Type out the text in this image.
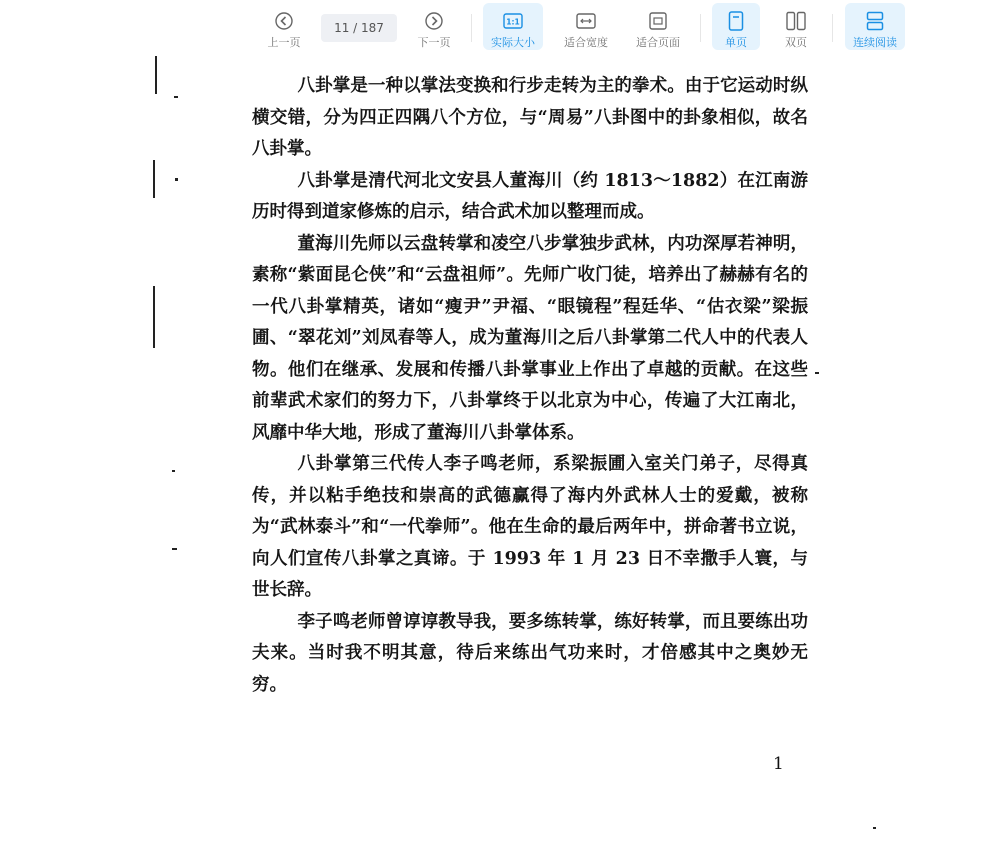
上一页
11 / 187
下一页
1:1
实际大小	适合宽度	适合页面	单页	双页	连续阅读

八卦掌是一种以掌法变换和行步走转为主的拳术。由于它运动时纵横交错，分为四正四隅八个方位，与“周易”八卦图中的卦象相似，故名八卦掌。

八卦掌是清代河北文安县人董海川（约 1813～1882）在江南游历时得到道家修炼的启示，结合武术加以整理而成。

董海川先师以云盘转掌和凌空八步掌独步武林，内功深厚若神明，素称“紫面昆仑侠”和“云盘祖师”。先师广收门徒，培养出了赫赫有名的一代八卦掌精英，诸如“瘦尹”尹福、“眼镜程”程廷华、“估衣梁”梁振圃、“翠花刘”刘凤春等人，成为董海川之后八卦掌第二代人中的代表人物。他们在继承、发展和传播八卦掌事业上作出了卓越的贡献。在这些前辈武术家们的努力下，八卦掌终于以北京为中心，传遍了大江南北，风靡中华大地，形成了董海川八卦掌体系。

八卦掌第三代传人李子鸣老师，系梁振圃入室关门弟子，尽得真传，并以粘手绝技和崇高的武德赢得了海内外武林人士的爱戴，被称为“武林泰斗”和“一代拳师”。他在生命的最后两年中，拼命著书立说，向人们宣传八卦掌之真谛。于 1993 年 1 月 23 日不幸撒手人寰，与世长辞。

李子鸣老师曾谆谆教导我，要多练转掌，练好转掌，而且要练出功夫来。当时我不明其意，待后来练出气功来时，才倍感其中之奥妙无穷。

1
